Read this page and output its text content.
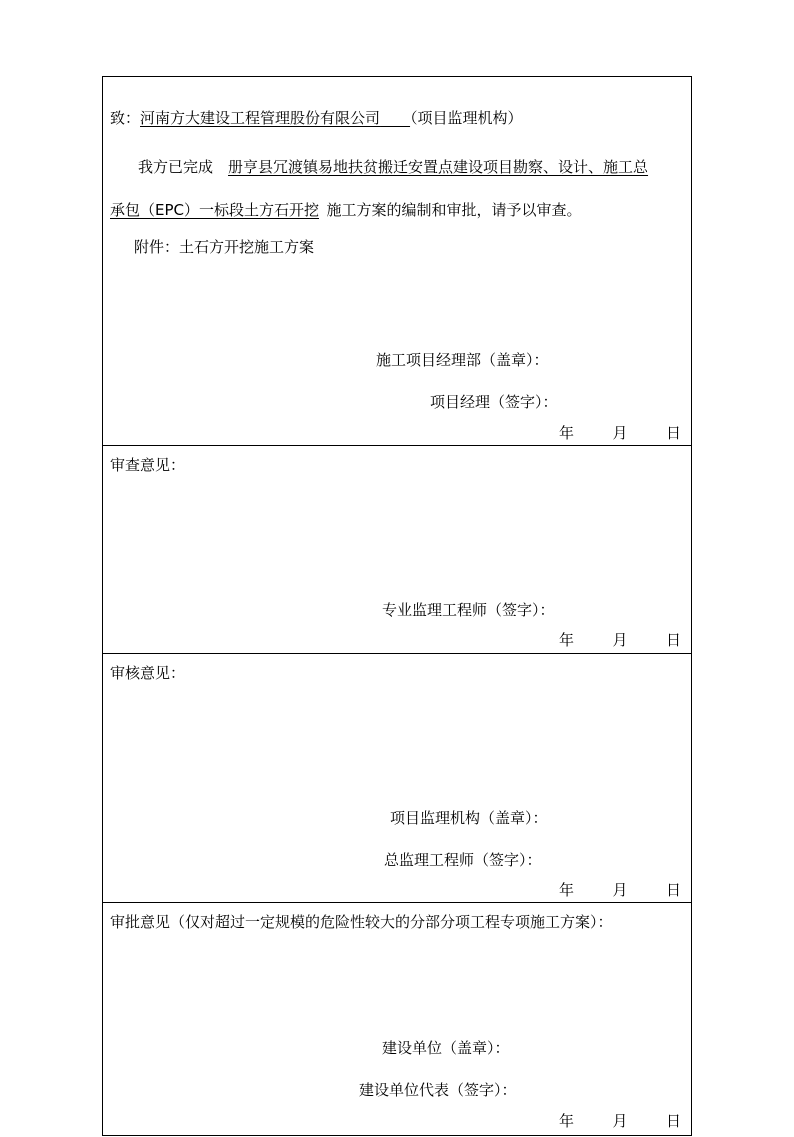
致：河南方大建设工程管理股份有限公司　　 （项目监理机构）
我方已完成　 册亨县冗渡镇易地扶贫搬迁安置点建设项目勘察、设计、施工总
承包（EPC）一标段土方石开挖  施工方案的编制和审批，请予以审查。
附件：土石方开挖施工方案
施工项目经理部（盖章）：
项目经理（签字）：
年	月	日
审查意见：
专业监理工程师（签字）：
年	月	日
审核意见：
项目监理机构（盖章）：
总监理工程师（签字）：
年	月	日
审批意见（仅对超过一定规模的危险性较大的分部分项工程专项施工方案）：
建设单位（盖章）：
建设单位代表（签字）：
年	月	日
